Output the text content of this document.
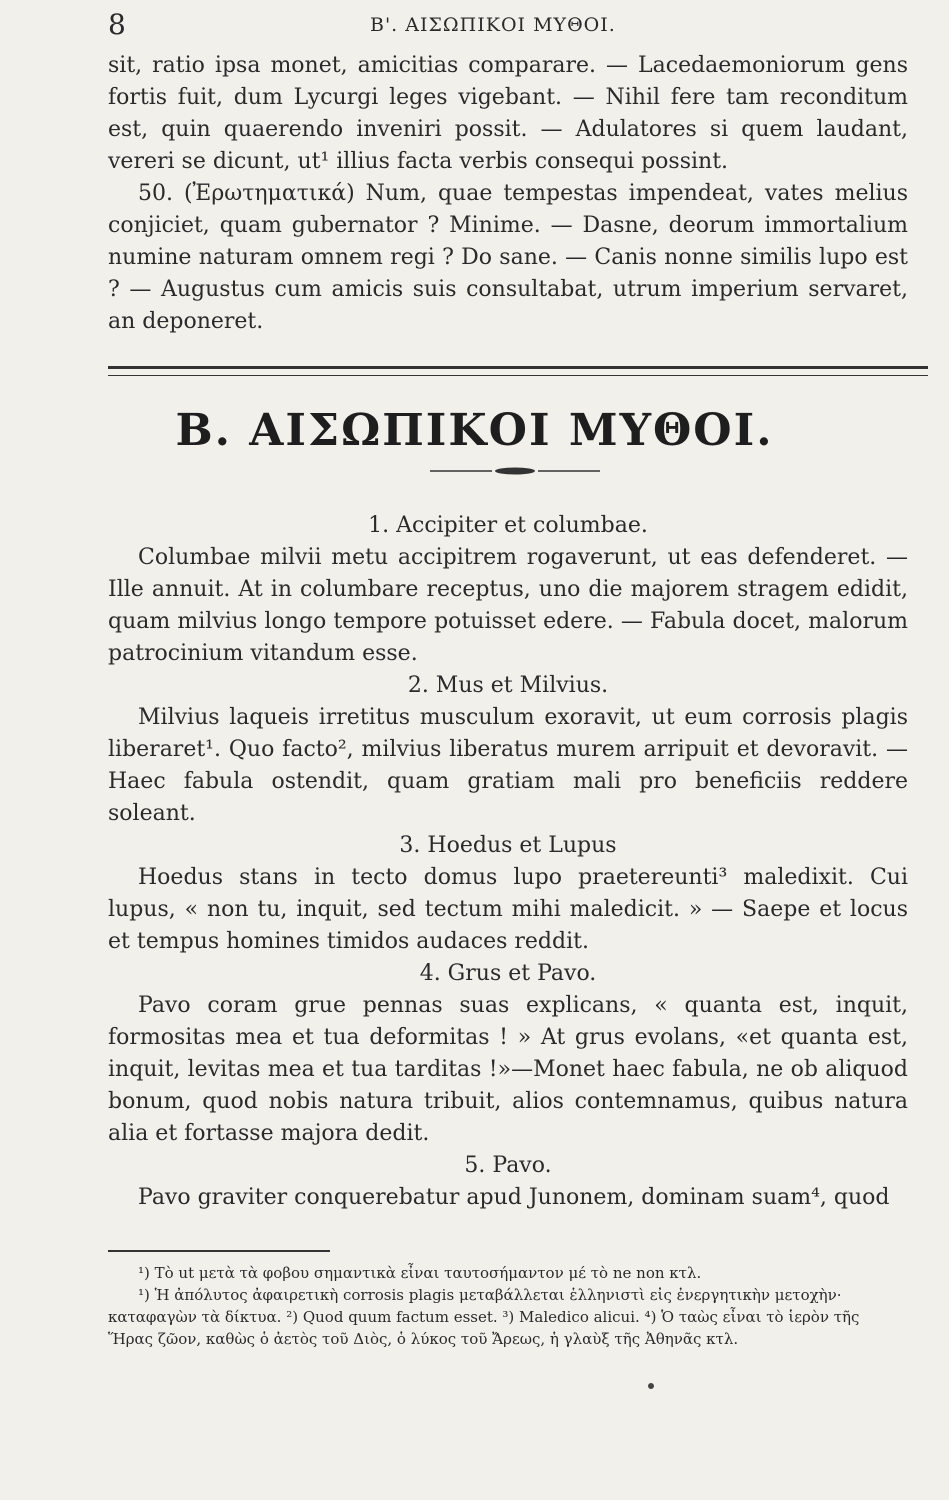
8	Β'. ΑΙΣΩΠΙΚΟΙ ΜΥΘΟΙ.

sit, ratio ipsa monet, amicitias comparare. — Lacedaemoniorum gens fortis fuit, dum Lycurgi leges vigebant. — Nihil fere tam reconditum est, quin quaerendo inveniri possit. — Adulatores si quem laudant, vereri se dicunt, ut¹ illius facta verbis consequi possint.

50. (Ἐρωτηματικά) Num, quae tempestas impendeat, vates melius conjiciet, quam gubernator ? Minime. — Dasne, deorum immortalium numine naturam omnem regi ? Do sane. — Canis nonne similis lupo est ? — Augustus cum amicis suis consultabat, utrum imperium servaret, an deponeret.

Β. ΑΙΣΩΠΙΚΟΙ ΜΥΘΟΙ.
1. Accipiter et columbae.

Columbae milvii metu accipitrem rogaverunt, ut eas defenderet. —Ille annuit. At in columbare receptus, uno die majorem stragem edidit, quam milvius longo tempore potuisset edere. — Fabula docet, malorum patrocinium vitandum esse.

2. Mus et Milvius.

Milvius laqueis irretitus musculum exoravit, ut eum corrosis plagis liberaret¹. Quo facto², milvius liberatus murem arripuit et devoravit. — Haec fabula ostendit, quam gratiam mali pro beneficiis reddere soleant.

3. Hoedus et Lupus

Hoedus stans in tecto domus lupo praetereunti³ maledixit. Cui lupus, « non tu, inquit, sed tectum mihi maledicit. » — Saepe et locus et tempus homines timidos audaces reddit.

4. Grus et Pavo.

Pavo coram grue pennas suas explicans, « quanta est, inquit, formositas mea et tua deformitas ! » At grus evolans, «et quanta est, inquit, levitas mea et tua tarditas !»—Monet haec fabula, ne ob aliquod bonum, quod nobis natura tribuit, alios contemnamus, quibus natura alia et fortasse majora dedit.

5. Pavo.

Pavo graviter conquerebatur apud Junonem, dominam suam⁴, quod

¹) Τὸ ut μετὰ τὰ φοβου σημαντικὰ εἶναι ταυτοσήμαντον μέ τὸ ne non κτλ.

¹) Ἡ ἀπόλυτος ἀφαιρετικὴ corrosis plagis μεταβάλλεται ἑλληνιστὶ εἰς ἐνεργητικὴν μετοχὴν· καταφαγὼν τὰ δίκτυα. ²) Quod quum factum esset. ³) Maledico alicui. ⁴) Ὁ ταὼς εἶναι τὸ ἱερὸν τῆς Ἥρας ζῶον, καθὼς ὁ ἀετὸς τοῦ Διὸς, ὁ λύκος τοῦ Ἄρεως, ἡ γλαὺξ τῆς Ἀθηνᾶς κτλ.
